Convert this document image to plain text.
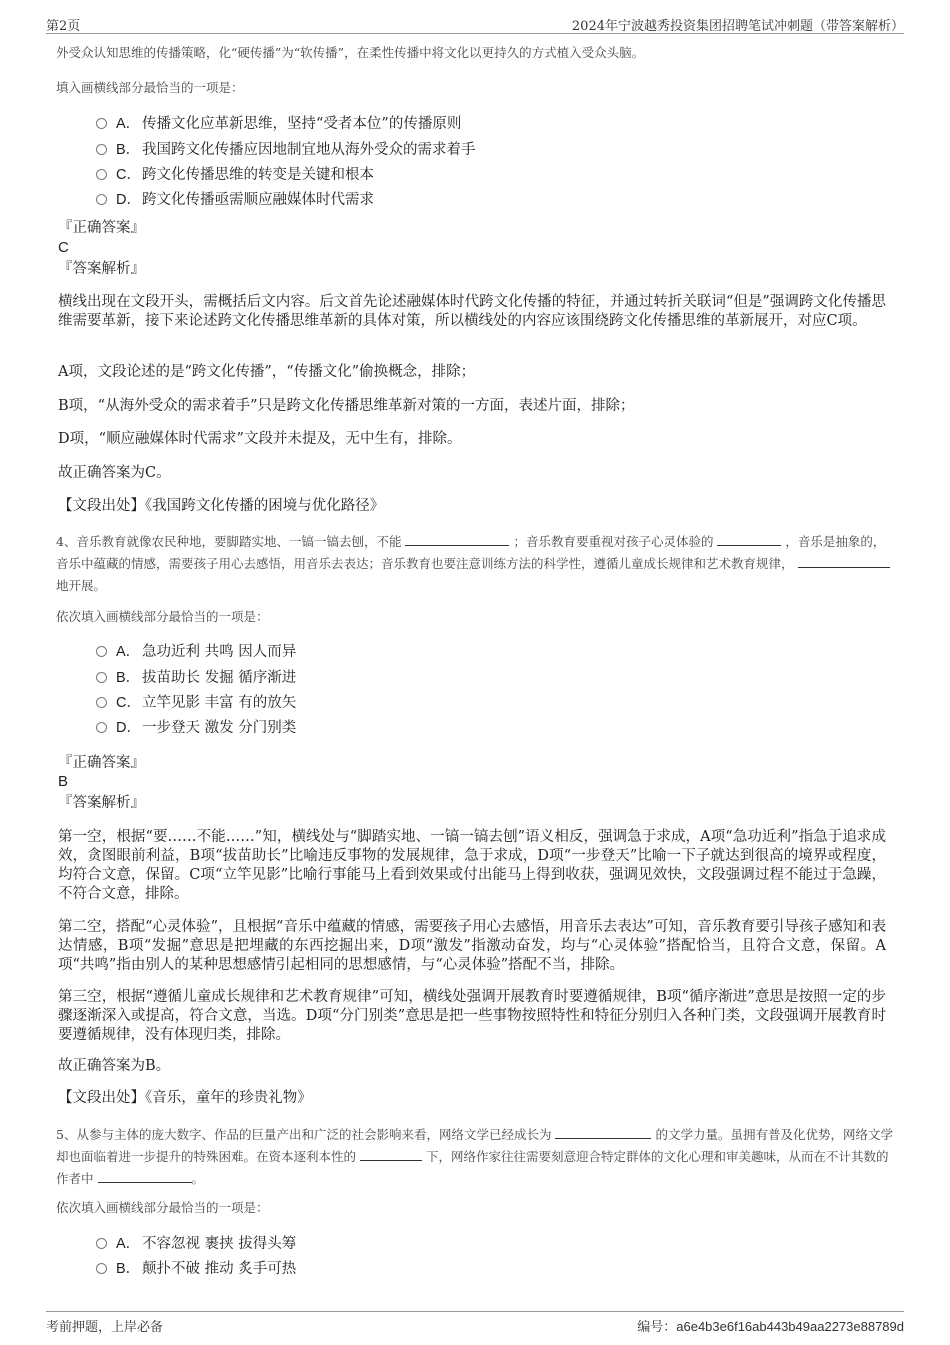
第2页	2024年宁波越秀投资集团招聘笔试冲刺题（带答案解析）
外受众认知思维的传播策略，化“硬传播”为“软传播”，在柔性传播中将文化以更持久的方式植入受众头脑。
填入画横线部分最恰当的一项是：
A． 传播文化应革新思维，坚持“受者本位”的传播原则
B． 我国跨文化传播应因地制宜地从海外受众的需求着手
C．跨文化传播思维的转变是关键和根本
D．跨文化传播亟需顺应融媒体时代需求
『正确答案』
C
『答案解析』
横线出现在文段开头，需概括后文内容。后文首先论述融媒体时代跨文化传播的特征，并通过转折关联词“但是”强调跨文化传播思维需要革新，接下来论述跨文化传播思维革新的具体对策，所以横线处的内容应该围绕跨文化传播思维的革新展开，对应C项。
A项，文段论述的是“跨文化传播”，“传播文化”偷换概念，排除；
B项，“从海外受众的需求着手”只是跨文化传播思维革新对策的一方面，表述片面，排除；
D项，“顺应融媒体时代需求”文段并未提及，无中生有，排除。
故正确答案为C。
【文段出处】《我国跨文化传播的困境与优化路径》
4、音乐教育就像农民种地，要脚踏实地、一镐一镐去刨，不能	；音乐教育要重视对孩子心灵体验的	，音乐是抽象的，音乐中蕴藏的情感，需要孩子用心去感悟，用音乐去表达；音乐教育也要注意训练方法的科学性，遵循儿童成长规律和艺术教育规律， 地开展。
依次填入画横线部分最恰当的一项是：
A． 急功近利 共鸣 因人而异
B． 拔苗助长 发掘 循序渐进
C．立竿见影 丰富 有的放矢
D．一步登天 激发 分门别类
『正确答案』
B
『答案解析』
第一空，根据“要……不能……”知，横线处与“脚踏实地、一镐一镐去刨”语义相反，强调急于求成，A项“急功近利”指急于追求成效，贪图眼前利益，B项“拔苗助长”比喻违反事物的发展规律，急于求成，D项“一步登天”比喻一下子就达到很高的境界或程度，均符合文意，保留。C项“立竿见影”比喻行事能马上看到效果或付出能马上得到收获，强调见效快，文段强调过程不能过于急躁，不符合文意，排除。
第二空，搭配“心灵体验”，且根据“音乐中蕴藏的情感，需要孩子用心去感悟，用音乐去表达”可知，音乐教育要引导孩子感知和表达情感，B项“发掘”意思是把埋藏的东西挖掘出来，D项“激发”指激动奋发，均与“心灵体验”搭配恰当，且符合文意，保留。A项“共鸣”指由别人的某种思想感情引起相同的思想感情，与“心灵体验”搭配不当，排除。
第三空，根据“遵循儿童成长规律和艺术教育规律”可知，横线处强调开展教育时要遵循规律，B项“循序渐进”意思是按照一定的步骤逐渐深入或提高，符合文意，当选。D项“分门别类”意思是把一些事物按照特性和特征分别归入各种门类，文段强调开展教育时要遵循规律，没有体现归类，排除。
故正确答案为B。
【文段出处】《音乐，童年的珍贵礼物》
5、从参与主体的庞大数字、作品的巨量产出和广泛的社会影响来看，网络文学已经成长为	的文学力量。虽拥有普及化优势，网络文学却也面临着进一步提升的特殊困难。在资本逐利本性的	下，网络作家往往需要刻意迎合特定群体的文化心理和审美趣味，从而在不计其数的作者中	。
依次填入画横线部分最恰当的一项是：
A． 不容忽视 裹挟 拔得头筹
B． 颠扑不破 推动 炙手可热
考前押题，上岸必备	编号：a6e4b3e6f16ab443b49aa2273e88789d
